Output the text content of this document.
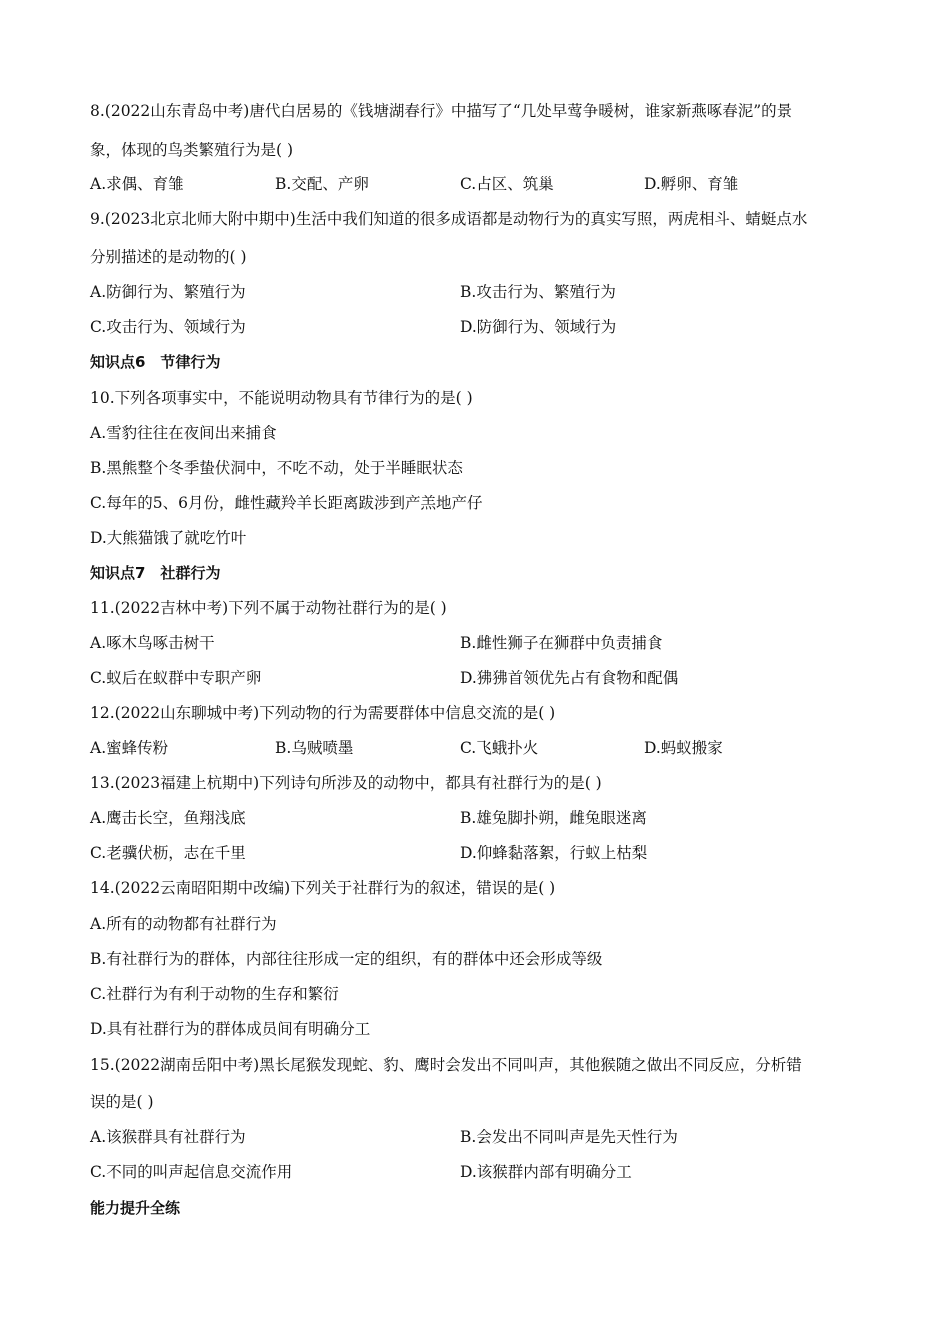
8.(2022山东青岛中考)唐代白居易的《钱塘湖春行》中描写了“几处早莺争暖树，谁家新燕啄春泥”的景
象，体现的鸟类繁殖行为是( )
A.求偶、育雏	B.交配、产卵	C.占区、筑巢	D.孵卵、育雏
9.(2023北京北师大附中期中)生活中我们知道的很多成语都是动物行为的真实写照，两虎相斗、蜻蜓点水
分别描述的是动物的( )
A.防御行为、繁殖行为	B.攻击行为、繁殖行为
C.攻击行为、领域行为	D.防御行为、领域行为
知识点6　节律行为
10.下列各项事实中，不能说明动物具有节律行为的是( )
A.雪豹往往在夜间出来捕食
B.黑熊整个冬季蛰伏洞中，不吃不动，处于半睡眠状态
C.每年的5、6月份，雌性藏羚羊长距离跋涉到产羔地产仔
D.大熊猫饿了就吃竹叶
知识点7　社群行为
11.(2022吉林中考)下列不属于动物社群行为的是( )
A.啄木鸟啄击树干	B.雌性狮子在狮群中负责捕食
C.蚁后在蚁群中专职产卵	D.狒狒首领优先占有食物和配偶
12.(2022山东聊城中考)下列动物的行为需要群体中信息交流的是( )
A.蜜蜂传粉	B.乌贼喷墨	C.飞蛾扑火	D.蚂蚁搬家
13.(2023福建上杭期中)下列诗句所涉及的动物中，都具有社群行为的是( )
A.鹰击长空，鱼翔浅底	B.雄兔脚扑朔，雌兔眼迷离
C.老骥伏枥，志在千里	D.仰蜂黏落絮，行蚁上枯梨
14.(2022云南昭阳期中改编)下列关于社群行为的叙述，错误的是( )
A.所有的动物都有社群行为
B.有社群行为的群体，内部往往形成一定的组织，有的群体中还会形成等级
C.社群行为有利于动物的生存和繁衍
D.具有社群行为的群体成员间有明确分工
15.(2022湖南岳阳中考)黑长尾猴发现蛇、豹、鹰时会发出不同叫声，其他猴随之做出不同反应，分析错
误的是( )
A.该猴群具有社群行为	B.会发出不同叫声是先天性行为
C.不同的叫声起信息交流作用	D.该猴群内部有明确分工
能力提升全练
